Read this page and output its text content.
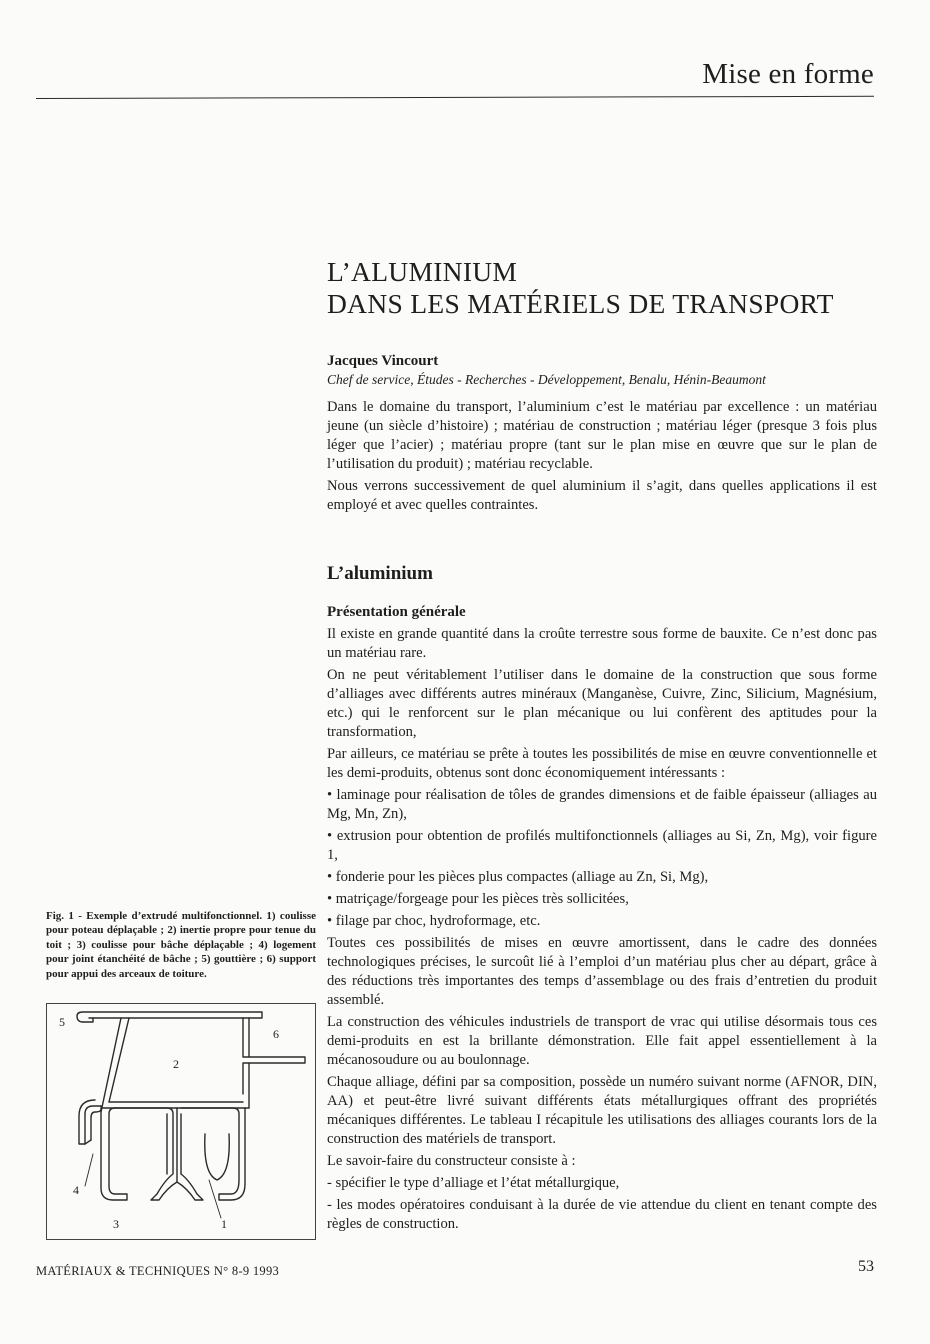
Mise en forme
L’ALUMINIUM
DANS LES MATÉRIELS DE TRANSPORT
Jacques Vincourt
Chef de service, Études - Recherches - Développement, Benalu, Hénin-Beaumont

Dans le domaine du transport, l’aluminium c’est le matériau par excellence : un matériau jeune (un siècle d’histoire) ; matériau de construction ; matériau léger (presque 3 fois plus léger que l’acier) ; matériau propre (tant sur le plan mise en œuvre que sur le plan de l’utilisation du produit) ; matériau recyclable.

Nous verrons successivement de quel aluminium il s’agit, dans quelles applications il est employé et avec quelles contraintes.

L’aluminium
Présentation générale

Il existe en grande quantité dans la croûte terrestre sous forme de bauxite. Ce n’est donc pas un matériau rare.

On ne peut véritablement l’utiliser dans le domaine de la construction que sous forme d’alliages avec différents autres minéraux (Manganèse, Cuivre, Zinc, Silicium, Magnésium, etc.) qui le renforcent sur le plan mécanique ou lui confèrent des aptitudes pour la transformation,

Par ailleurs, ce matériau se prête à toutes les possibilités de mise en œuvre conventionnelle et les demi-produits, obtenus sont donc économiquement intéressants :

• laminage pour réalisation de tôles de grandes dimensions et de faible épaisseur (alliages au Mg, Mn, Zn),

• extrusion pour obtention de profilés multifonctionnels (alliages au Si, Zn, Mg), voir figure 1,

• fonderie pour les pièces plus compactes (alliage au Zn, Si, Mg),

• matriçage/forgeage pour les pièces très sollicitées,

• filage par choc, hydroformage, etc.

Toutes ces possibilités de mises en œuvre amortissent, dans le cadre des données technologiques précises, le surcoût lié à l’emploi d’un matériau plus cher au départ, grâce à des réductions très importantes des temps d’assemblage ou des frais d’entretien du produit assemblé.

La construction des véhicules industriels de transport de vrac qui utilise désormais tous ces demi-produits en est la brillante démonstration. Elle fait appel essentiellement à la mécanosoudure ou au boulonnage.

Chaque alliage, défini par sa composition, possède un numéro suivant norme (AFNOR, DIN, AA) et peut-être livré suivant différents états métallurgiques offrant des propriétés mécaniques différentes. Le tableau I récapitule les utilisations des alliages courants lors de la construction des matériels de transport.

Le savoir-faire du constructeur consiste à :

- spécifier le type d’alliage et l’état métallurgique,

- les modes opératoires conduisant à la durée de vie attendue du client en tenant compte des règles de construction.

Fig. 1 - Exemple d’extrudé multifonctionnel. 1) coulisse pour poteau déplaçable ; 2) inertie propre pour tenue du toit ; 3) coulisse pour bâche déplaçable ; 4) logement pour joint étanchéité de bâche ; 5) gouttière ; 6) support pour appui des arceaux de toiture.
5
6
2
4
3	1
MATÉRIAUX & TECHNIQUES N° 8-9 1993	53
